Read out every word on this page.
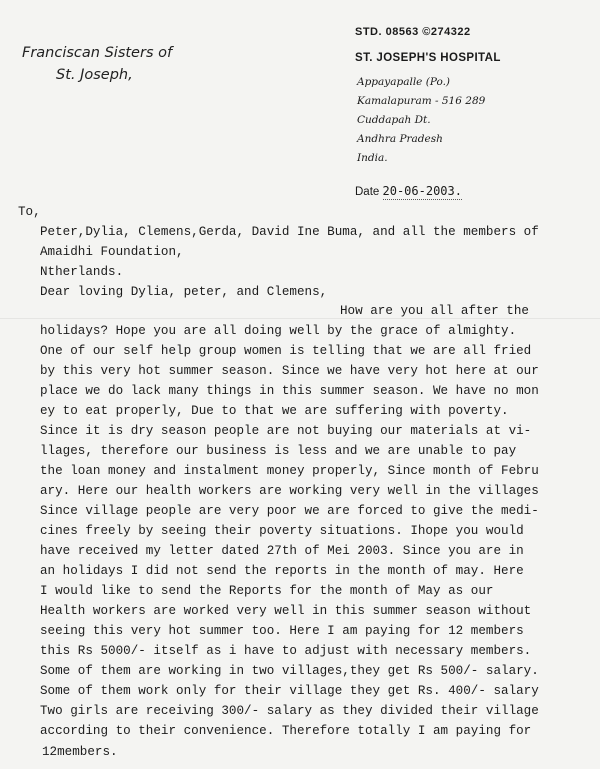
Franciscan Sisters of
St. Joseph,
STD. 08563 ©274322
ST. JOSEPH'S HOSPITAL
Appayapalle (Po.)
Kamalapuram - 516 289
Cuddapah Dt.
Andhra Pradesh
India.
Date 20-06-2003.
To,
Peter,Dylia, Clemens,Gerda, David Ine Buma, and all the members of
Amaidhi Foundation,
Ntherlands.
Dear loving Dylia, peter, and Clemens,
How are you all after the
holidays? Hope you are all doing well by the grace of almighty.
One of our self help group women is telling that we are all fried
by this very hot summer season. Since we have very hot here at our
place we do lack many things in this summer season. We have no mon
ey to eat properly, Due to that we are suffering with poverty.
Since it is dry season people are not buying our materials at vi-
llages, therefore our business is less and we are unable to pay
the loan money and instalment money properly, Since month of Febru
ary. Here our health workers are working very well in the villages
Since village people are very poor we are forced to give the medi-
cines freely by seeing their poverty situations. Ihope you would
have received my letter dated 27th of Mei 2003. Since you are in
an holidays I did not send the reports in the month of may. Here
I would like to send the Reports for the month of May as our
Health workers are worked very well in this summer season without
seeing this very hot summer too. Here I am paying for 12 members
this Rs 5000/- itself as i have to adjust with necessary members.
Some of them are working in two villages,they get Rs 500/- salary.
Some of them work only for their village they get Rs. 400/- salary
Two girls are receiving 300/- salary as they divided their village
according to their convenience. Therefore totally I am paying for
12members.
